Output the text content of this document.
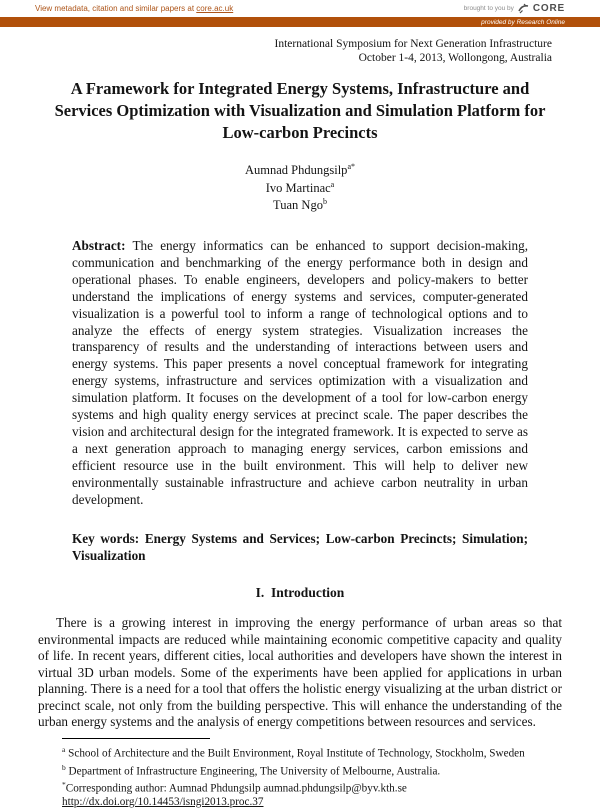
View metadata, citation and similar papers at core.ac.uk	brought to you by CORE
provided by Research Online
International Symposium for Next Generation Infrastructure
October 1-4, 2013, Wollongong, Australia
A Framework for Integrated Energy Systems, Infrastructure and Services Optimization with Visualization and Simulation Platform for Low-carbon Precincts
Aumnad Phdungsilp$^{a*}$
Ivo Martinac$^a$
Tuan Ngo$^b$

Abstract: The energy informatics can be enhanced to support decision-making, communication and benchmarking of the energy performance both in design and operational phases. To enable engineers, developers and policy-makers to better understand the implications of energy systems and services, computer-generated visualization is a powerful tool to inform a range of technological options and to analyze the effects of energy system strategies. Visualization increases the transparency of results and the understanding of interactions between users and energy systems. This paper presents a novel conceptual framework for integrating energy systems, infrastructure and services optimization with a visualization and simulation platform. It focuses on the development of a tool for low-carbon energy systems and high quality energy services at precinct scale. The paper describes the vision and architectural design for the integrated framework. It is expected to serve as a next generation approach to managing energy services, carbon emissions and efficient resource use in the built environment. This will help to deliver new environmentally sustainable infrastructure and achieve carbon neutrality in urban development.

Key words: Energy Systems and Services; Low-carbon Precincts; Simulation; Visualization

I.  Introduction

There is a growing interest in improving the energy performance of urban areas so that environmental impacts are reduced while maintaining economic competitive capacity and quality of life. In recent years, different cities, local authorities and developers have shown the interest in virtual 3D urban models. Some of the experiments have been applied for applications in urban planning. There is a need for a tool that offers the holistic energy visualizing at the urban district or precinct scale, not only from the building perspective. This will enhance the understanding of the urban energy systems and the analysis of energy competitions between resources and services.

$^a$ School of Architecture and the Built Environment, Royal Institute of Technology, Stockholm, Sweden
$^b$ Department of Infrastructure Engineering, The University of Melbourne, Australia.
*Corresponding author: Aumnad Phdungsilp aumnad.phdungsilp@byv.kth.se
http://dx.doi.org/10.14453/isngi2013.proc.37
